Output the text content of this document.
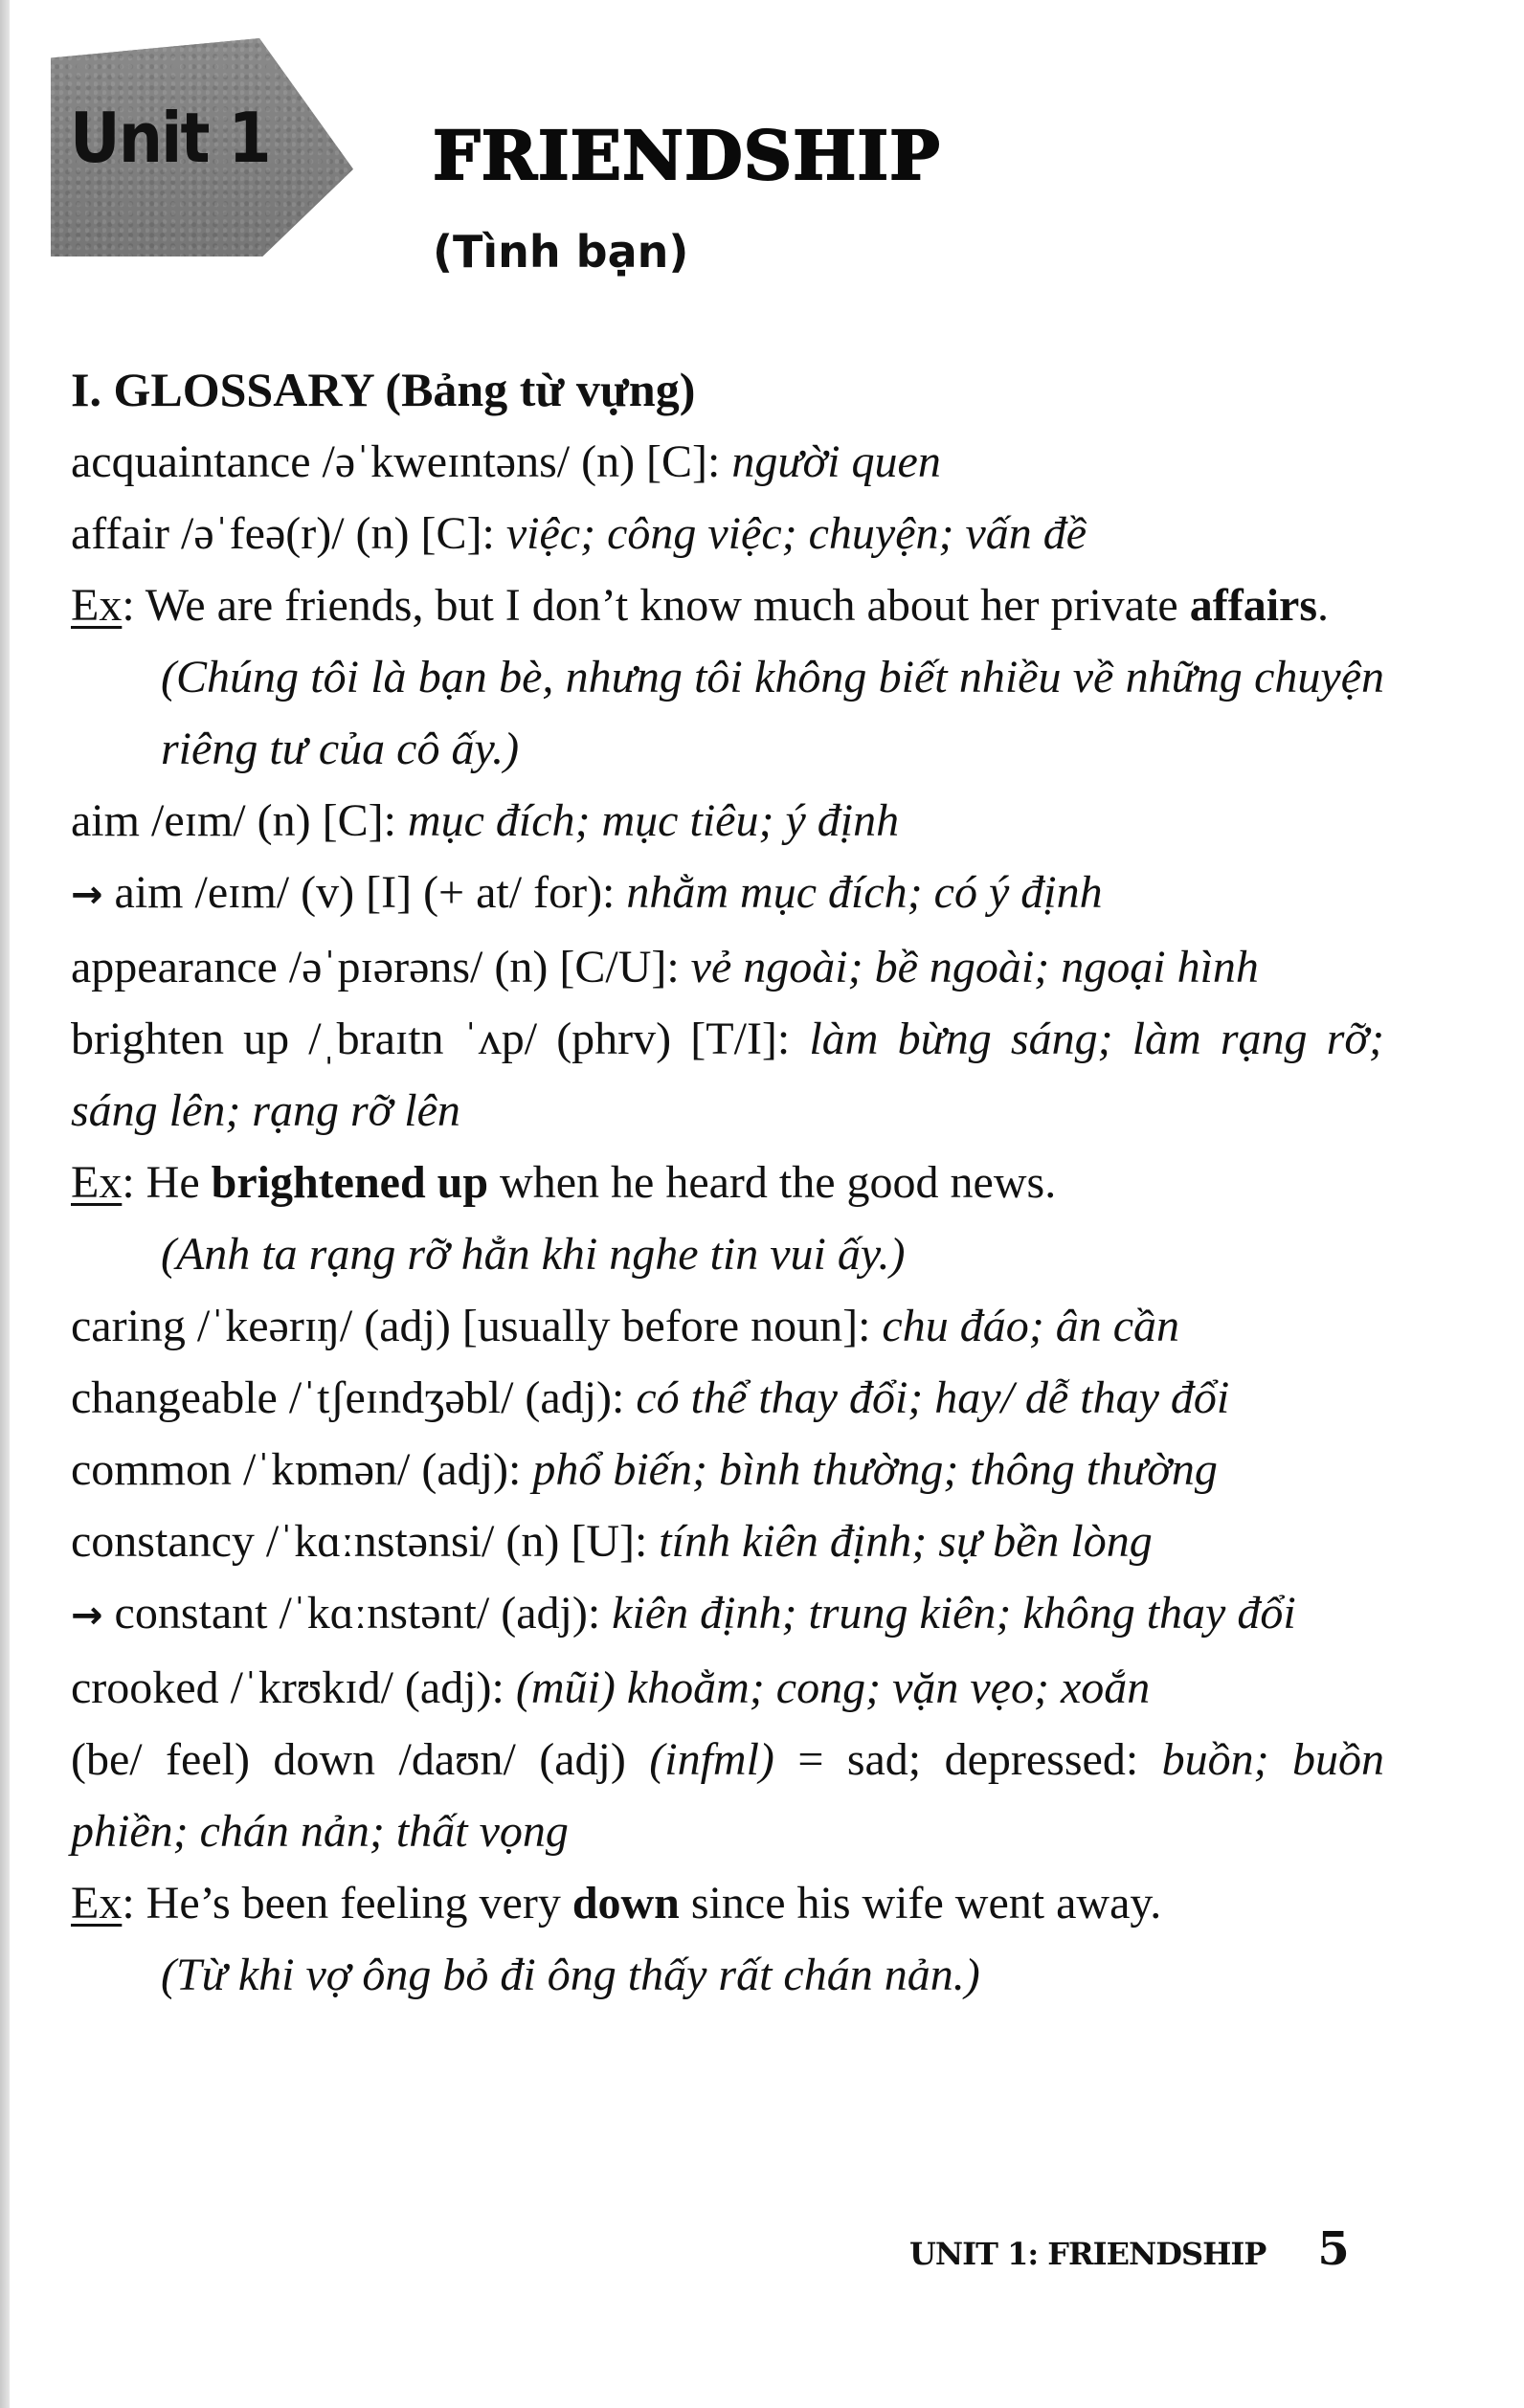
Unit 1 FRIENDSHIP
(Tình bạn)

I. GLOSSARY (Bảng từ vựng)

acquaintance /əˈkweɪntəns/ (n) [C]: người quen

affair /əˈfeə(r)/ (n) [C]: việc; công việc; chuyện; vấn đề

Ex: We are friends, but I don’t know much about her private affairs.

(Chúng tôi là bạn bè, nhưng tôi không biết nhiều về những chuyện riêng tư của cô ấy.)

aim /eɪm/ (n) [C]: mục đích; mục tiêu; ý định

→ aim /eɪm/ (v) [I] (+ at/ for): nhằm mục đích; có ý định

appearance /əˈpɪərəns/ (n) [C/U]: vẻ ngoài; bề ngoài; ngoại hình

brighten up /ˌbraɪtn ˈʌp/ (phrv) [T/I]: làm bừng sáng; làm rạng rỡ; sáng lên; rạng rỡ lên

Ex: He brightened up when he heard the good news.

(Anh ta rạng rỡ hẳn khi nghe tin vui ấy.)

caring /ˈkeərɪŋ/ (adj) [usually before noun]: chu đáo; ân cần

changeable /ˈtʃeɪndʒəbl/ (adj): có thể thay đổi; hay/ dễ thay đổi

common /ˈkɒmən/ (adj): phổ biến; bình thường; thông thường

constancy /ˈkɑːnstənsi/ (n) [U]: tính kiên định; sự bền lòng

→ constant /ˈkɑːnstənt/ (adj): kiên định; trung kiên; không thay đổi

crooked /ˈkrʊkɪd/ (adj): (mũi) khoằm; cong; vặn vẹo; xoắn

(be/ feel) down /daʊn/ (adj) (infml) = sad; depressed: buồn; buồn phiền; chán nản; thất vọng

Ex: He’s been feeling very down since his wife went away.

(Từ khi vợ ông bỏ đi ông thấy rất chán nản.)

UNIT 1: FRIENDSHIP 5
